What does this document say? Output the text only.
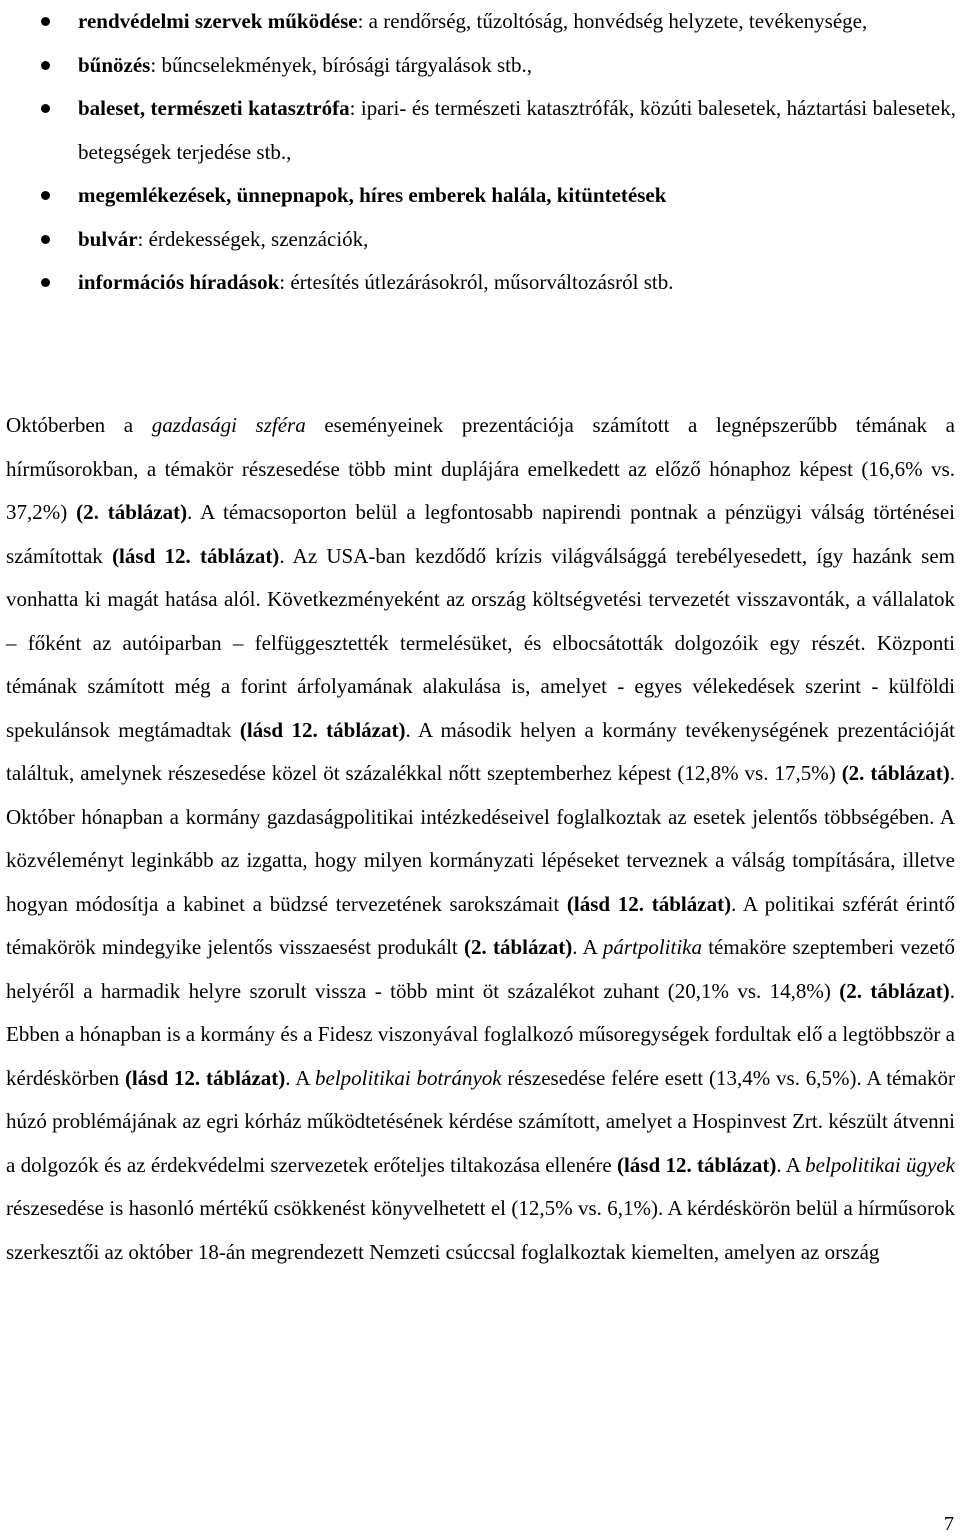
rendvédelmi szervek működése: a rendőrség, tűzoltóság, honvédség helyzete, tevékenysége,
bűnözés: bűncselekmények, bírósági tárgyalások stb.,
baleset, természeti katasztrófa: ipari- és természeti katasztrófák, közúti balesetek, háztartási balesetek, betegségek terjedése stb.,
megemlékezések, ünnepnapok, híres emberek halála, kitüntetések
bulvár: érdekességek, szenzációk,
információs híradások: értesítés útlezárásokról, műsorváltozásról stb.

Októberben a gazdasági szféra eseményeinek prezentációja számított a legnépszerűbb témának a hírműsorokban, a témakör részesedése több mint duplájára emelkedett az előző hónaphoz képest (16,6% vs. 37,2%) (2. táblázat). A témacsoporton belül a legfontosabb napirendi pontnak a pénzügyi válság történései számítottak (lásd 12. táblázat). Az USA-ban kezdődő krízis világválsággá terebélyesedett, így hazánk sem vonhatta ki magát hatása alól. Következményeként az ország költségvetési tervezetét visszavonták, a vállalatok – főként az autóiparban – felfüggesztették termelésüket, és elbocsátották dolgozóik egy részét. Központi témának számított még a forint árfolyamának alakulása is, amelyet - egyes vélekedések szerint - külföldi spekulánsok megtámadtak (lásd 12. táblázat). A második helyen a kormány tevékenységének prezentációját találtuk, amelynek részesedése közel öt százalékkal nőtt szeptemberhez képest (12,8% vs. 17,5%) (2. táblázat). Október hónapban a kormány gazdaságpolitikai intézkedéseivel foglalkoztak az esetek jelentős többségében. A közvéleményt leginkább az izgatta, hogy milyen kormányzati lépéseket terveznek a válság tompítására, illetve hogyan módosítja a kabinet a büdzsé tervezetének sarokszámait (lásd 12. táblázat). A politikai szférát érintő témakörök mindegyike jelentős visszaesést produkált (2. táblázat). A pártpolitika témaköre szeptemberi vezető helyéről a harmadik helyre szorult vissza - több mint öt százalékot zuhant (20,1% vs. 14,8%) (2. táblázat). Ebben a hónapban is a kormány és a Fidesz viszonyával foglalkozó műsoregységek fordultak elő a legtöbbször a kérdéskörben (lásd 12. táblázat). A belpolitikai botrányok részesedése felére esett (13,4% vs. 6,5%). A témakör húzó problémájának az egri kórház működtetésének kérdése számított, amelyet a Hospinvest Zrt. készült átvenni a dolgozók és az érdekvédelmi szervezetek erőteljes tiltakozása ellenére (lásd 12. táblázat). A belpolitikai ügyek részesedése is hasonló mértékű csökkenést könyvelhetett el (12,5% vs. 6,1%). A kérdéskörön belül a hírműsorok szerkesztői az október 18-án megrendezett Nemzeti csúccsal foglalkoztak kiemelten, amelyen az ország

7
